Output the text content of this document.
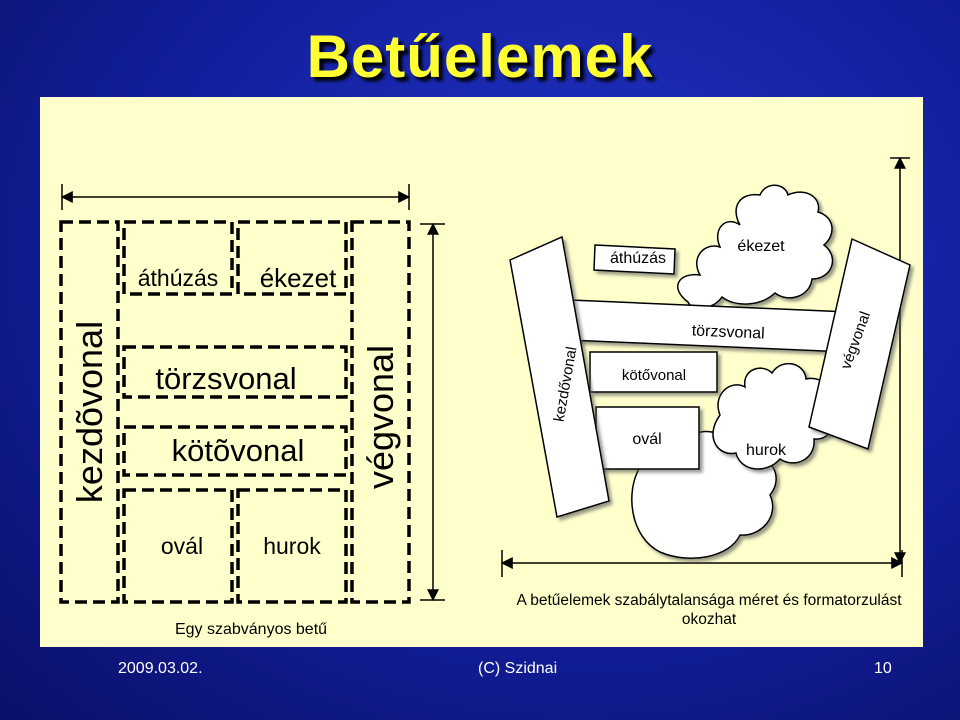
Betűelemek
kezdõvonal
áthúzás ékezet
törzsvonal
kötõvonal
ovál	hurok
végvonal
Egy szabványos betű
áthúzás
ékezet
törzsvonal
kötővonal
ovál
hurok
kezdővonal
végvonal
A betűelemek szabálytalansága méret és formatorzulást
okozhat
2009.03.02.	(C) Szidnai	10
